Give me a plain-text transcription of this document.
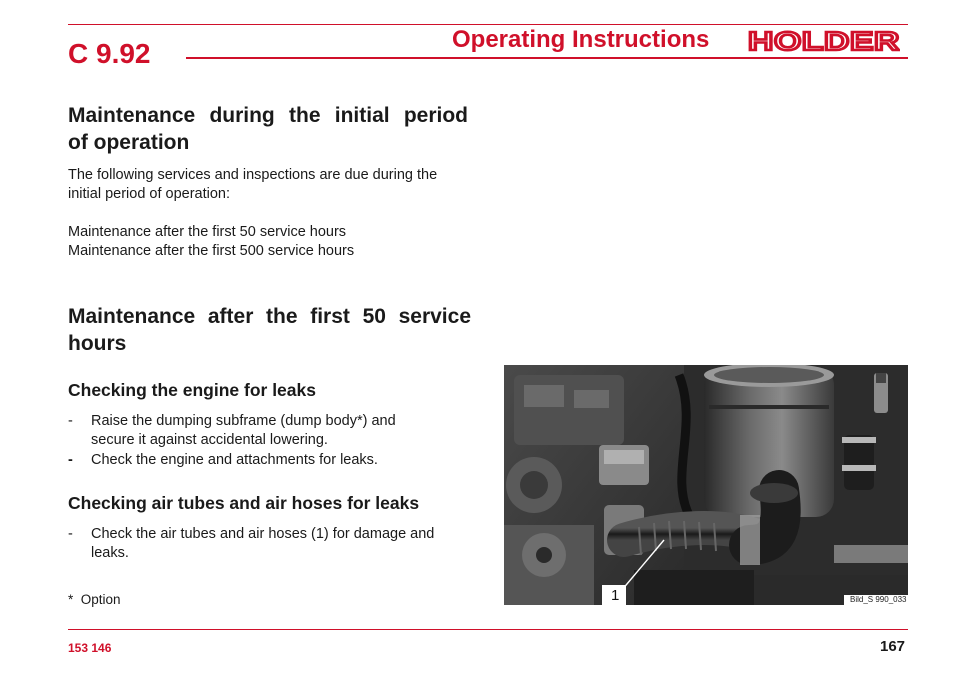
C 9.92	Operating Instructions HOLDER
Maintenance during the initial period
of operation
The following services and inspections are due during the
initial period of operation:
Maintenance after the first 50 service hours
Maintenance after the first 500 service hours
Maintenance after the first 50 service
hours
Checking the engine for leaks
-	Raise the dumping subframe (dump body*) and
secure it against accidental lowering.
-	Check the engine and attachments for leaks.
Checking air tubes and air hoses for leaks
-	Check the air tubes and air hoses (1) for damage and
leaks.
*  Option	1	Bild_S 990_033
153 146	167
